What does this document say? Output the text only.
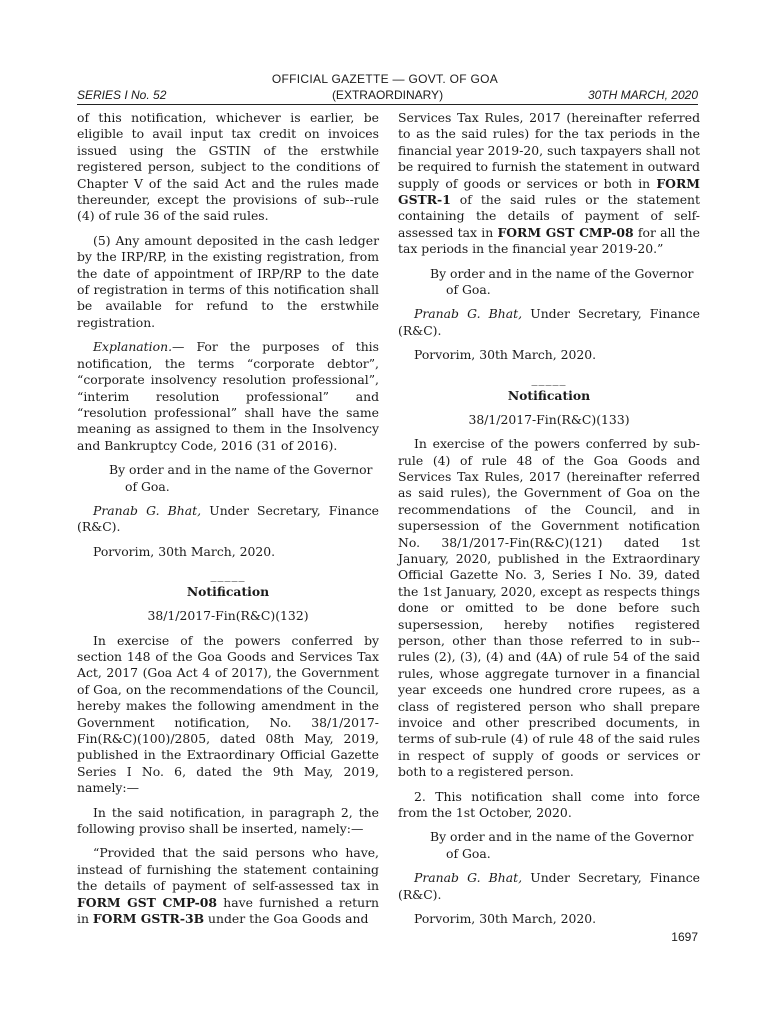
OFFICIAL GAZETTE — GOVT. OF GOA
SERIES I No. 52	(EXTRAORDINARY)	30TH MARCH, 2020

of this notification, whichever is earlier, be eligible to avail input tax credit on invoices issued using the GSTIN of the erstwhile registered person, subject to the conditions of Chapter V of the said Act and the rules made thereunder, except the provisions of sub--rule (4) of rule 36 of the said rules.

(5) Any amount deposited in the cash ledger by the IRP/RP, in the existing registration, from the date of appointment of IRP/RP to the date of registration in terms of this notification shall be available for refund to the erstwhile registration.

Explanation.— For the purposes of this notification, the terms “corporate debtor”, “corporate insolvency resolution professional”, “interim resolution professional” and “resolution professional” shall have the same meaning as assigned to them in the Insolvency and Bankruptcy Code, 2016 (31 of 2016).

By order and in the name of the Governor

of Goa.

Pranab G. Bhat, Under Secretary, Finance (R&C).

Porvorim, 30th March, 2020.

_____

Notification

38/1/2017-Fin(R&C)(132)

In exercise of the powers conferred by section 148 of the Goa Goods and Services Tax Act, 2017 (Goa Act 4 of 2017), the Government of Goa, on the recommendations of the Council, hereby makes the following amendment in the Government notification, No. 38/1/2017-Fin(R&C)(100)/2805, dated 08th May, 2019, published in the Extraordinary Official Gazette Series I No. 6, dated the 9th May, 2019, namely:—

In the said notification, in paragraph 2, the following proviso shall be inserted, namely:—

“Provided that the said persons who have, instead of furnishing the statement containing the details of payment of self-assessed tax in FORM GST CMP-08 have furnished a return in FORM GSTR-3B under the Goa Goods and

Services Tax Rules, 2017 (hereinafter referred to as the said rules) for the tax periods in the financial year 2019-20, such taxpayers shall not be required to furnish the statement in outward supply of goods or services or both in FORM GSTR-1 of the said rules or the statement containing the details of payment of self-assessed tax in FORM GST CMP-08 for all the tax periods in the financial year 2019-20.”

By order and in the name of the Governor

of Goa.

Pranab G. Bhat, Under Secretary, Finance (R&C).

Porvorim, 30th March, 2020.

_____

Notification

38/1/2017-Fin(R&C)(133)

In exercise of the powers conferred by sub-rule (4) of rule 48 of the Goa Goods and Services Tax Rules, 2017 (hereinafter referred as said rules), the Government of Goa on the recommendations of the Council, and in supersession of the Government notification No. 38/1/2017-Fin(R&C)(121) dated 1st January, 2020, published in the Extraordinary Official Gazette No. 3, Series I No. 39, dated the 1st January, 2020, except as respects things done or omitted to be done before such supersession, hereby notifies registered person, other than those referred to in sub--rules (2), (3), (4) and (4A) of rule 54 of the said rules, whose aggregate turnover in a financial year exceeds one hundred crore rupees, as a class of registered person who shall prepare invoice and other prescribed documents, in terms of sub-rule (4) of rule 48 of the said rules in respect of supply of goods or services or both to a registered person.

2. This notification shall come into force from the 1st October, 2020.

By order and in the name of the Governor

of Goa.

Pranab G. Bhat, Under Secretary, Finance (R&C).

Porvorim, 30th March, 2020.

1697
